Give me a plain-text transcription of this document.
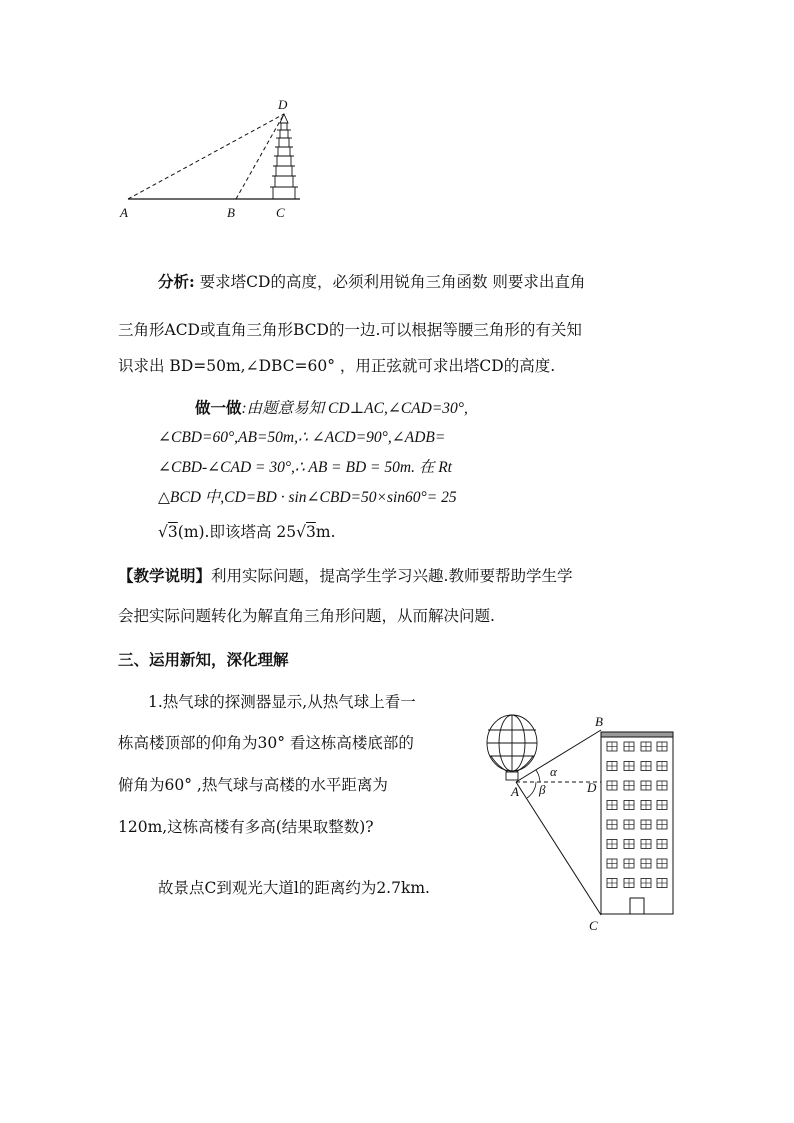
D
A	B	C
分析: 要求塔CD的高度，必须利用锐角三角函数 则要求出直角
三角形ACD或直角三角形BCD的一边.可以根据等腰三角形的有关知
识求出 BD=50m,∠DBC=60° ，用正弦就可求出塔CD的高度.
做一做:由题意易知 CD⊥AC,∠CAD=30°,
∠CBD=60°,AB=50m,∴ ∠ACD=90°,∠ADB=
∠CBD-∠CAD = 30°,∴ AB = BD = 50m. 在 Rt
△BCD 中,CD=BD · sin∠CBD=50×sin60°= 25
√3(m).即该塔高 25√3m.
【教学说明】利用实际问题，提高学生学习兴趣.教师要帮助学生学
会把实际问题转化为解直角三角形问题，从而解决问题.
三、运用新知，深化理解
1.热气球的探测器显示,从热气球上看一
栋高楼顶部的仰角为30° 看这栋高楼底部的
俯角为60° ,热气球与高楼的水平距离为
120m,这栋高楼有多高(结果取整数)?
故景点C到观光大道l的距离约为2.7km.
B
α
A β	D
C
